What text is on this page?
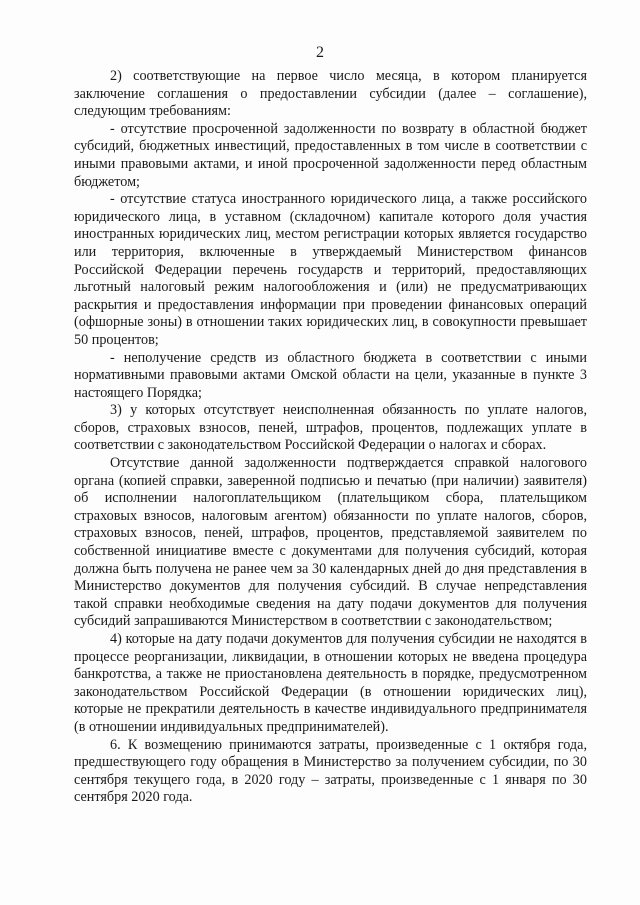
2

2) соответствующие на первое число месяца, в котором планируется заключение соглашения о предоставлении субсидии (далее – соглашение), следующим требованиям:

- отсутствие просроченной задолженности по возврату в областной бюджет субсидий, бюджетных инвестиций, предоставленных в том числе в соответствии с иными правовыми актами, и иной просроченной задолженности перед областным бюджетом;

- отсутствие статуса иностранного юридического лица, а также российского юридического лица, в уставном (складочном) капитале которого доля участия иностранных юридических лиц, местом регистрации которых является государство или территория, включенные в утверждаемый Министерством финансов Российской Федерации перечень государств и территорий, предоставляющих льготный налоговый режим налогообложения и (или) не предусматривающих раскрытия и предоставления информации при проведении финансовых операций (офшорные зоны) в отношении таких юридических лиц, в совокупности превышает 50 процентов;

- неполучение средств из областного бюджета в соответствии с иными нормативными правовыми актами Омской области на цели, указанные в пункте 3 настоящего Порядка;

3) у которых отсутствует неисполненная обязанность по уплате налогов, сборов, страховых взносов, пеней, штрафов, процентов, подлежащих уплате в соответствии с законодательством Российской Федерации о налогах и сборах.

Отсутствие данной задолженности подтверждается справкой налогового органа (копией справки, заверенной подписью и печатью (при наличии) заявителя) об исполнении налогоплательщиком (плательщиком сбора, плательщиком страховых взносов, налоговым агентом) обязанности по уплате налогов, сборов, страховых взносов, пеней, штрафов, процентов, представляемой заявителем по собственной инициативе вместе с документами для получения субсидий, которая должна быть получена не ранее чем за 30 календарных дней до дня представления в Министерство документов для получения субсидий. В случае непредставления такой справки необходимые сведения на дату подачи документов для получения субсидий запрашиваются Министерством в соответствии с законодательством;

4) которые на дату подачи документов для получения субсидии не находятся в процессе реорганизации, ликвидации, в отношении которых не введена процедура банкротства, а также не приостановлена деятельность в порядке, предусмотренном законодательством Российской Федерации (в отношении юридических лиц), которые не прекратили деятельность в качестве индивидуального предпринимателя (в отношении индивидуальных предпринимателей).

6. К возмещению принимаются затраты, произведенные с 1 октября года, предшествующего году обращения в Министерство за получением субсидии, по 30 сентября текущего года, в 2020 году – затраты, произведенные с 1 января по 30 сентября 2020 года.
